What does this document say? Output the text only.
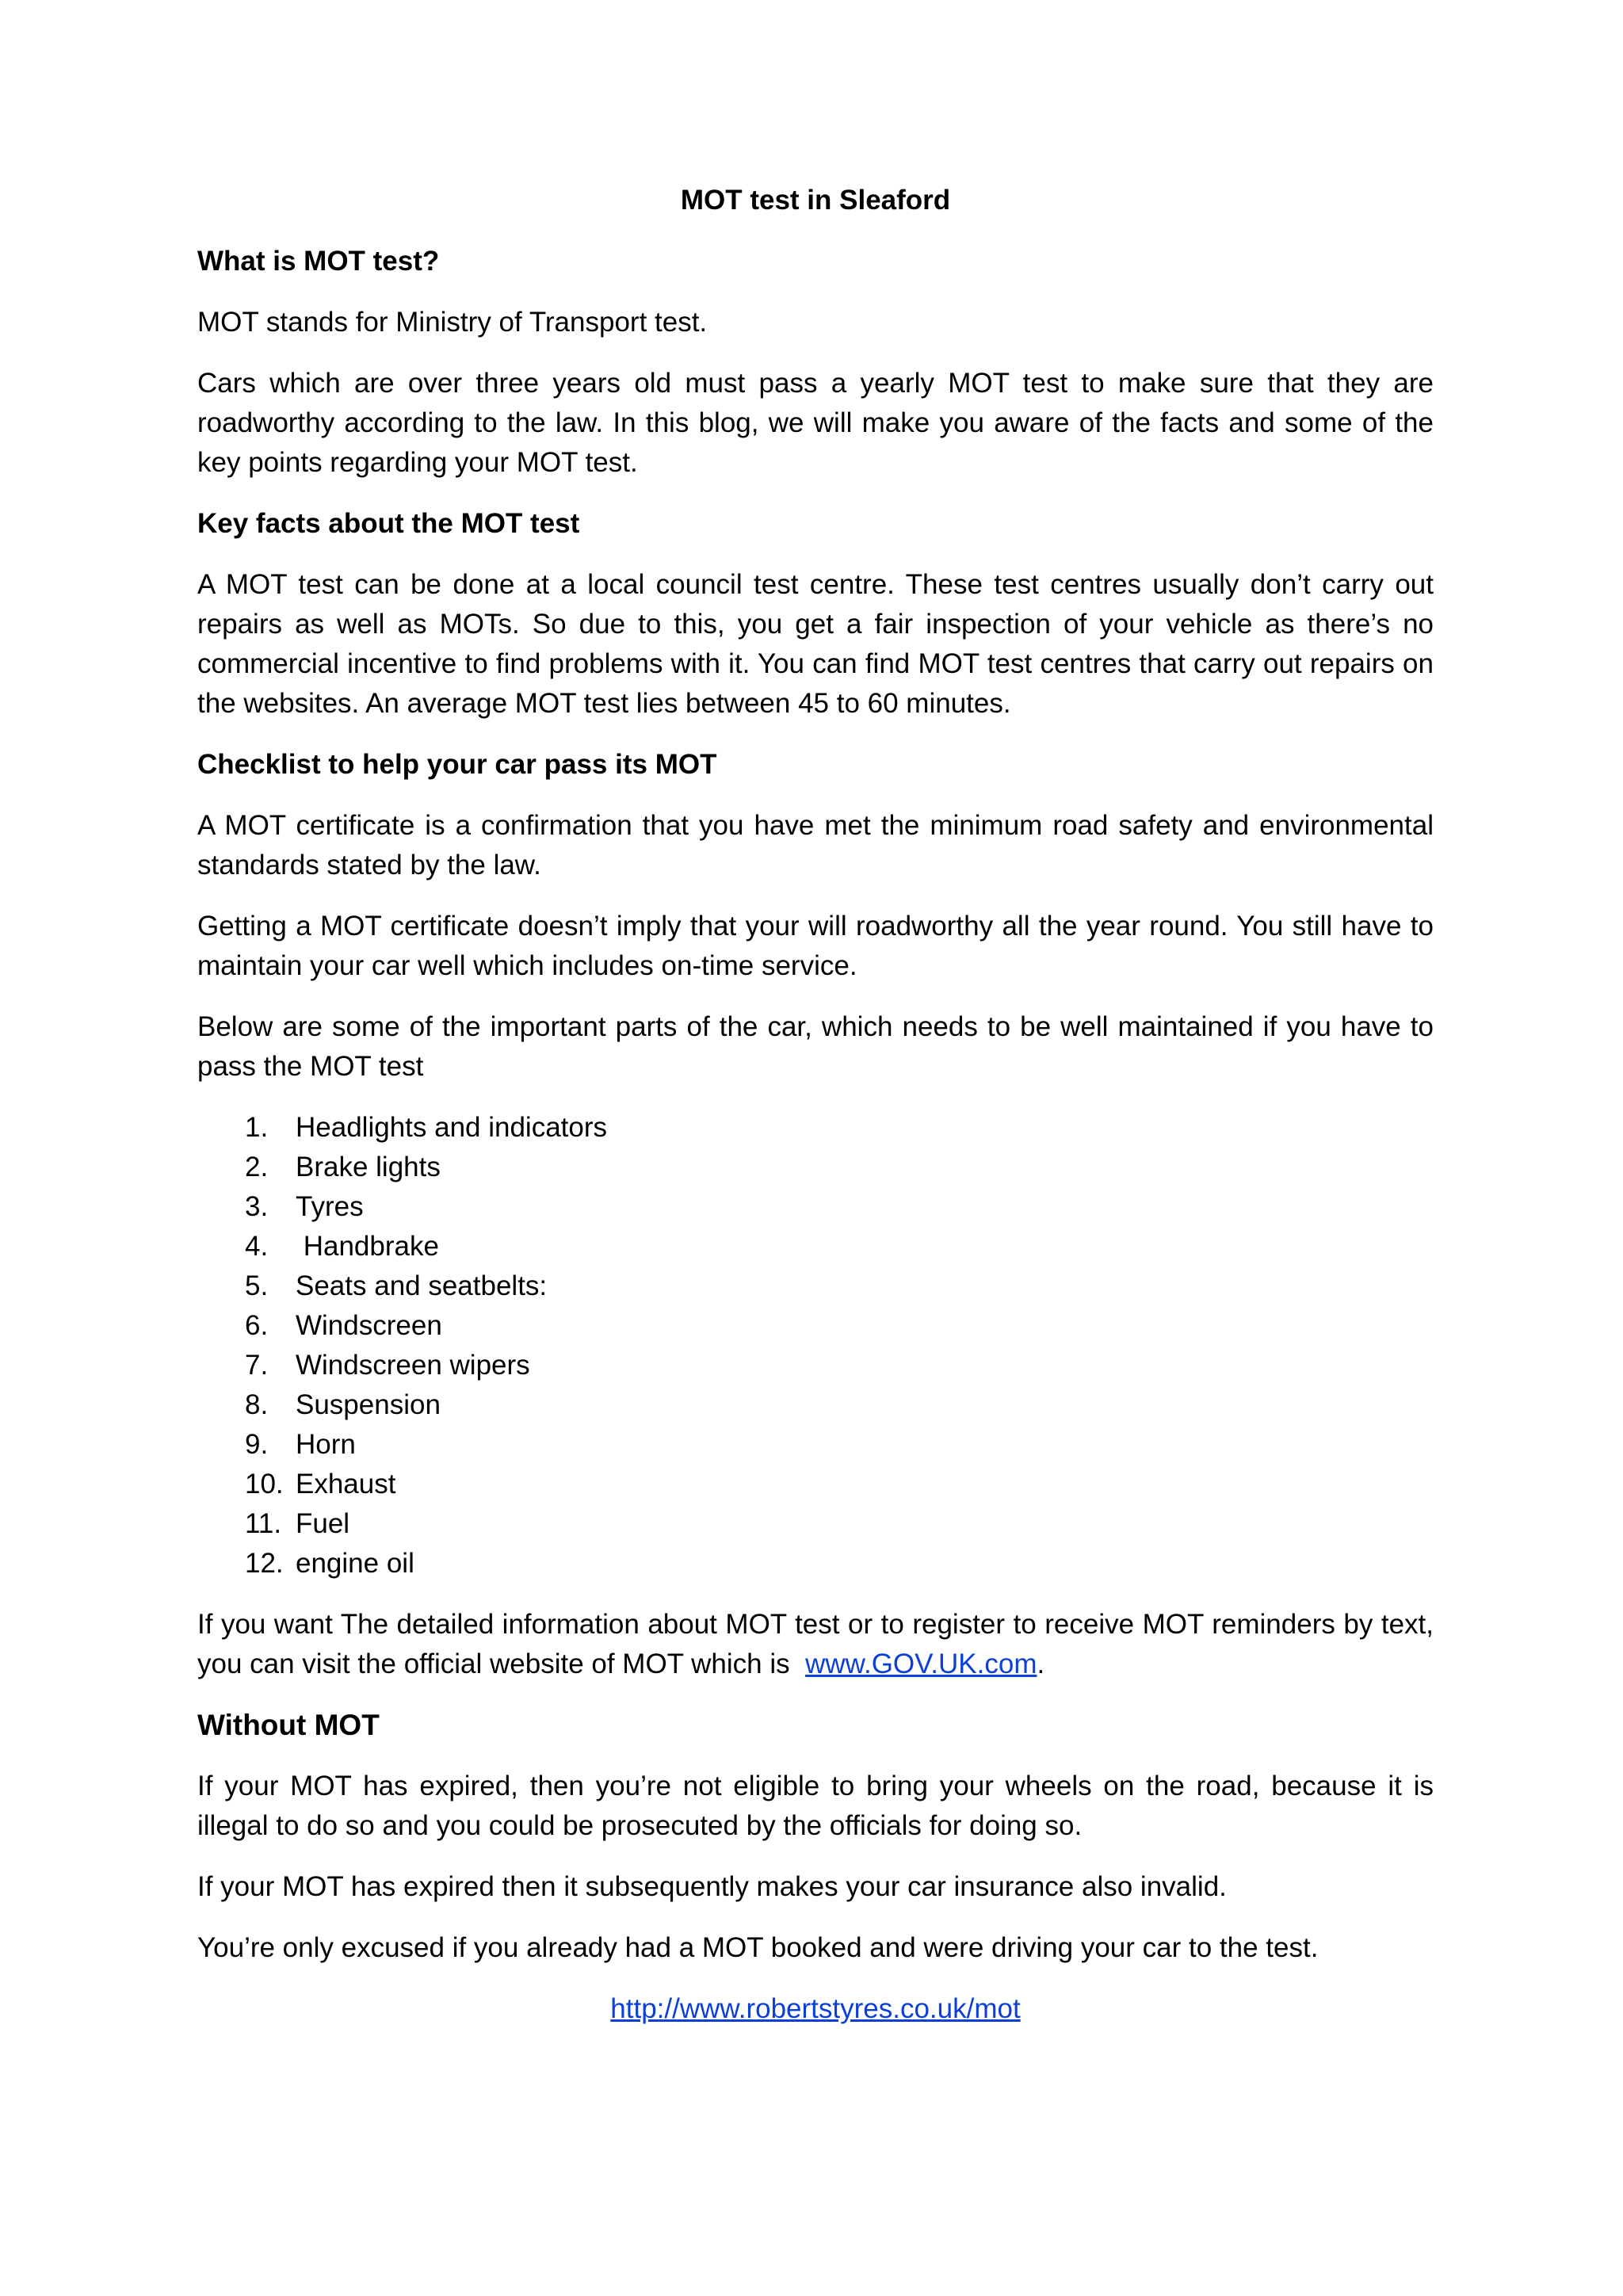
MOT test in Sleaford
What is MOT test?

MOT stands for Ministry of Transport test.

Cars which are over three years old must pass a yearly MOT test to make sure that they are roadworthy according to the law. In this blog, we will make you aware of the facts and some of the key points regarding your MOT test.

Key facts about the MOT test

A MOT test can be done at a local council test centre. These test centres usually don’t carry out repairs as well as MOTs. So due to this, you get a fair inspection of your vehicle as there’s no commercial incentive to find problems with it. You can find MOT test centres that carry out repairs on the websites. An average MOT test lies between 45 to 60 minutes.

Checklist to help your car pass its MOT

A MOT certificate is a confirmation that you have met the minimum road safety and environmental standards stated by the law.

Getting a MOT certificate doesn’t imply that your will roadworthy all the year round. You still have to maintain your car well which includes on-time service.

Below are some of the important parts of the car, which needs to be well maintained if you have to pass the MOT test

1. Headlights and indicators
2. Brake lights
3. Tyres
4. Handbrake
5. Seats and seatbelts:
6. Windscreen
7. Windscreen wipers
8. Suspension
9. Horn
10. Exhaust
11. Fuel
12. engine oil

If you want The detailed information about MOT test or to register to receive MOT reminders by text, you can visit the official website of MOT which is  www.GOV.UK.com.

Without MOT

If your MOT has expired, then you’re not eligible to bring your wheels on the road, because it is illegal to do so and you could be prosecuted by the officials for doing so.

If your MOT has expired then it subsequently makes your car insurance also invalid.

You’re only excused if you already had a MOT booked and were driving your car to the test.

http://www.robertstyres.co.uk/mot
